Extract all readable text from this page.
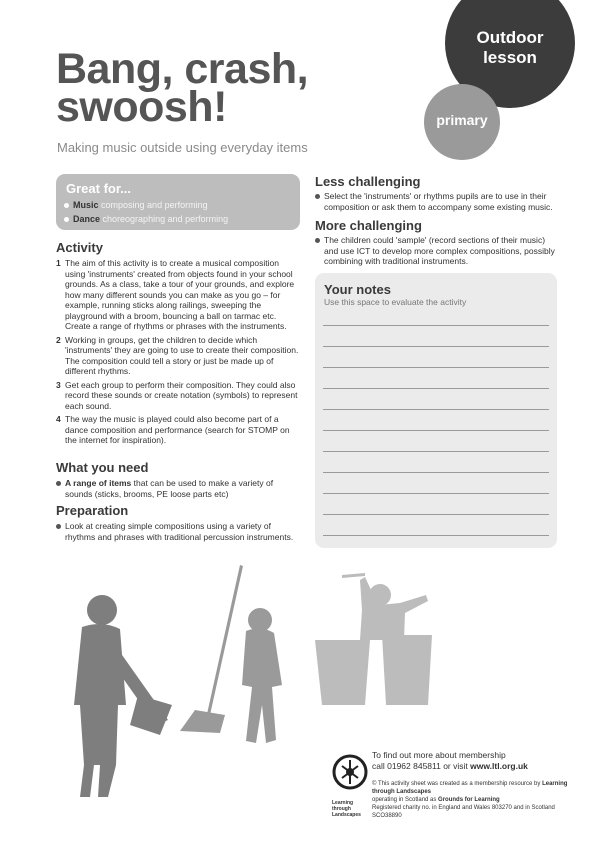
Outdoor lesson
primary
Bang, crash, swoosh!
Making music outside using everyday items
Great for...
Music composing and performing
Dance choreographing and performing
Activity
1 The aim of this activity is to create a musical composition using 'instruments' created from objects found in your school grounds. As a class, take a tour of your grounds, and explore how many different sounds you can make as you go – for example, running sticks along railings, sweeping the playground with a broom, bouncing a ball on tarmac etc. Create a range of rhythms or phrases with the instruments.
2 Working in groups, get the children to decide which 'instruments' they are going to use to create their composition. The composition could tell a story or just be made up of different rhythms.
3 Get each group to perform their composition. They could also record these sounds or create notation (symbols) to represent each sound.
4 The way the music is played could also become part of a dance composition and performance (search for STOMP on the internet for inspiration).
What you need
A range of items that can be used to make a variety of sounds (sticks, brooms, PE loose parts etc)
Preparation
Look at creating simple compositions using a variety of rhythms and phrases with traditional percussion instruments.
Less challenging
Select the 'instruments' or rhythms pupils are to use in their composition or ask them to accompany some existing music.
More challenging
The children could 'sample' (record sections of their music) and use ICT to develop more complex compositions, possibly combining with traditional instruments.
Your notes
Use this space to evaluate the activity
Learning through Landscapes
To find out more about membership
call 01962 845811 or visit www.ltl.org.uk
© This activity sheet was created as a membership resource by Learning through Landscapes
operating in Scotland as Grounds for Learning
Registered charity no. in England and Wales 803270 and in Scotland SCO38890
